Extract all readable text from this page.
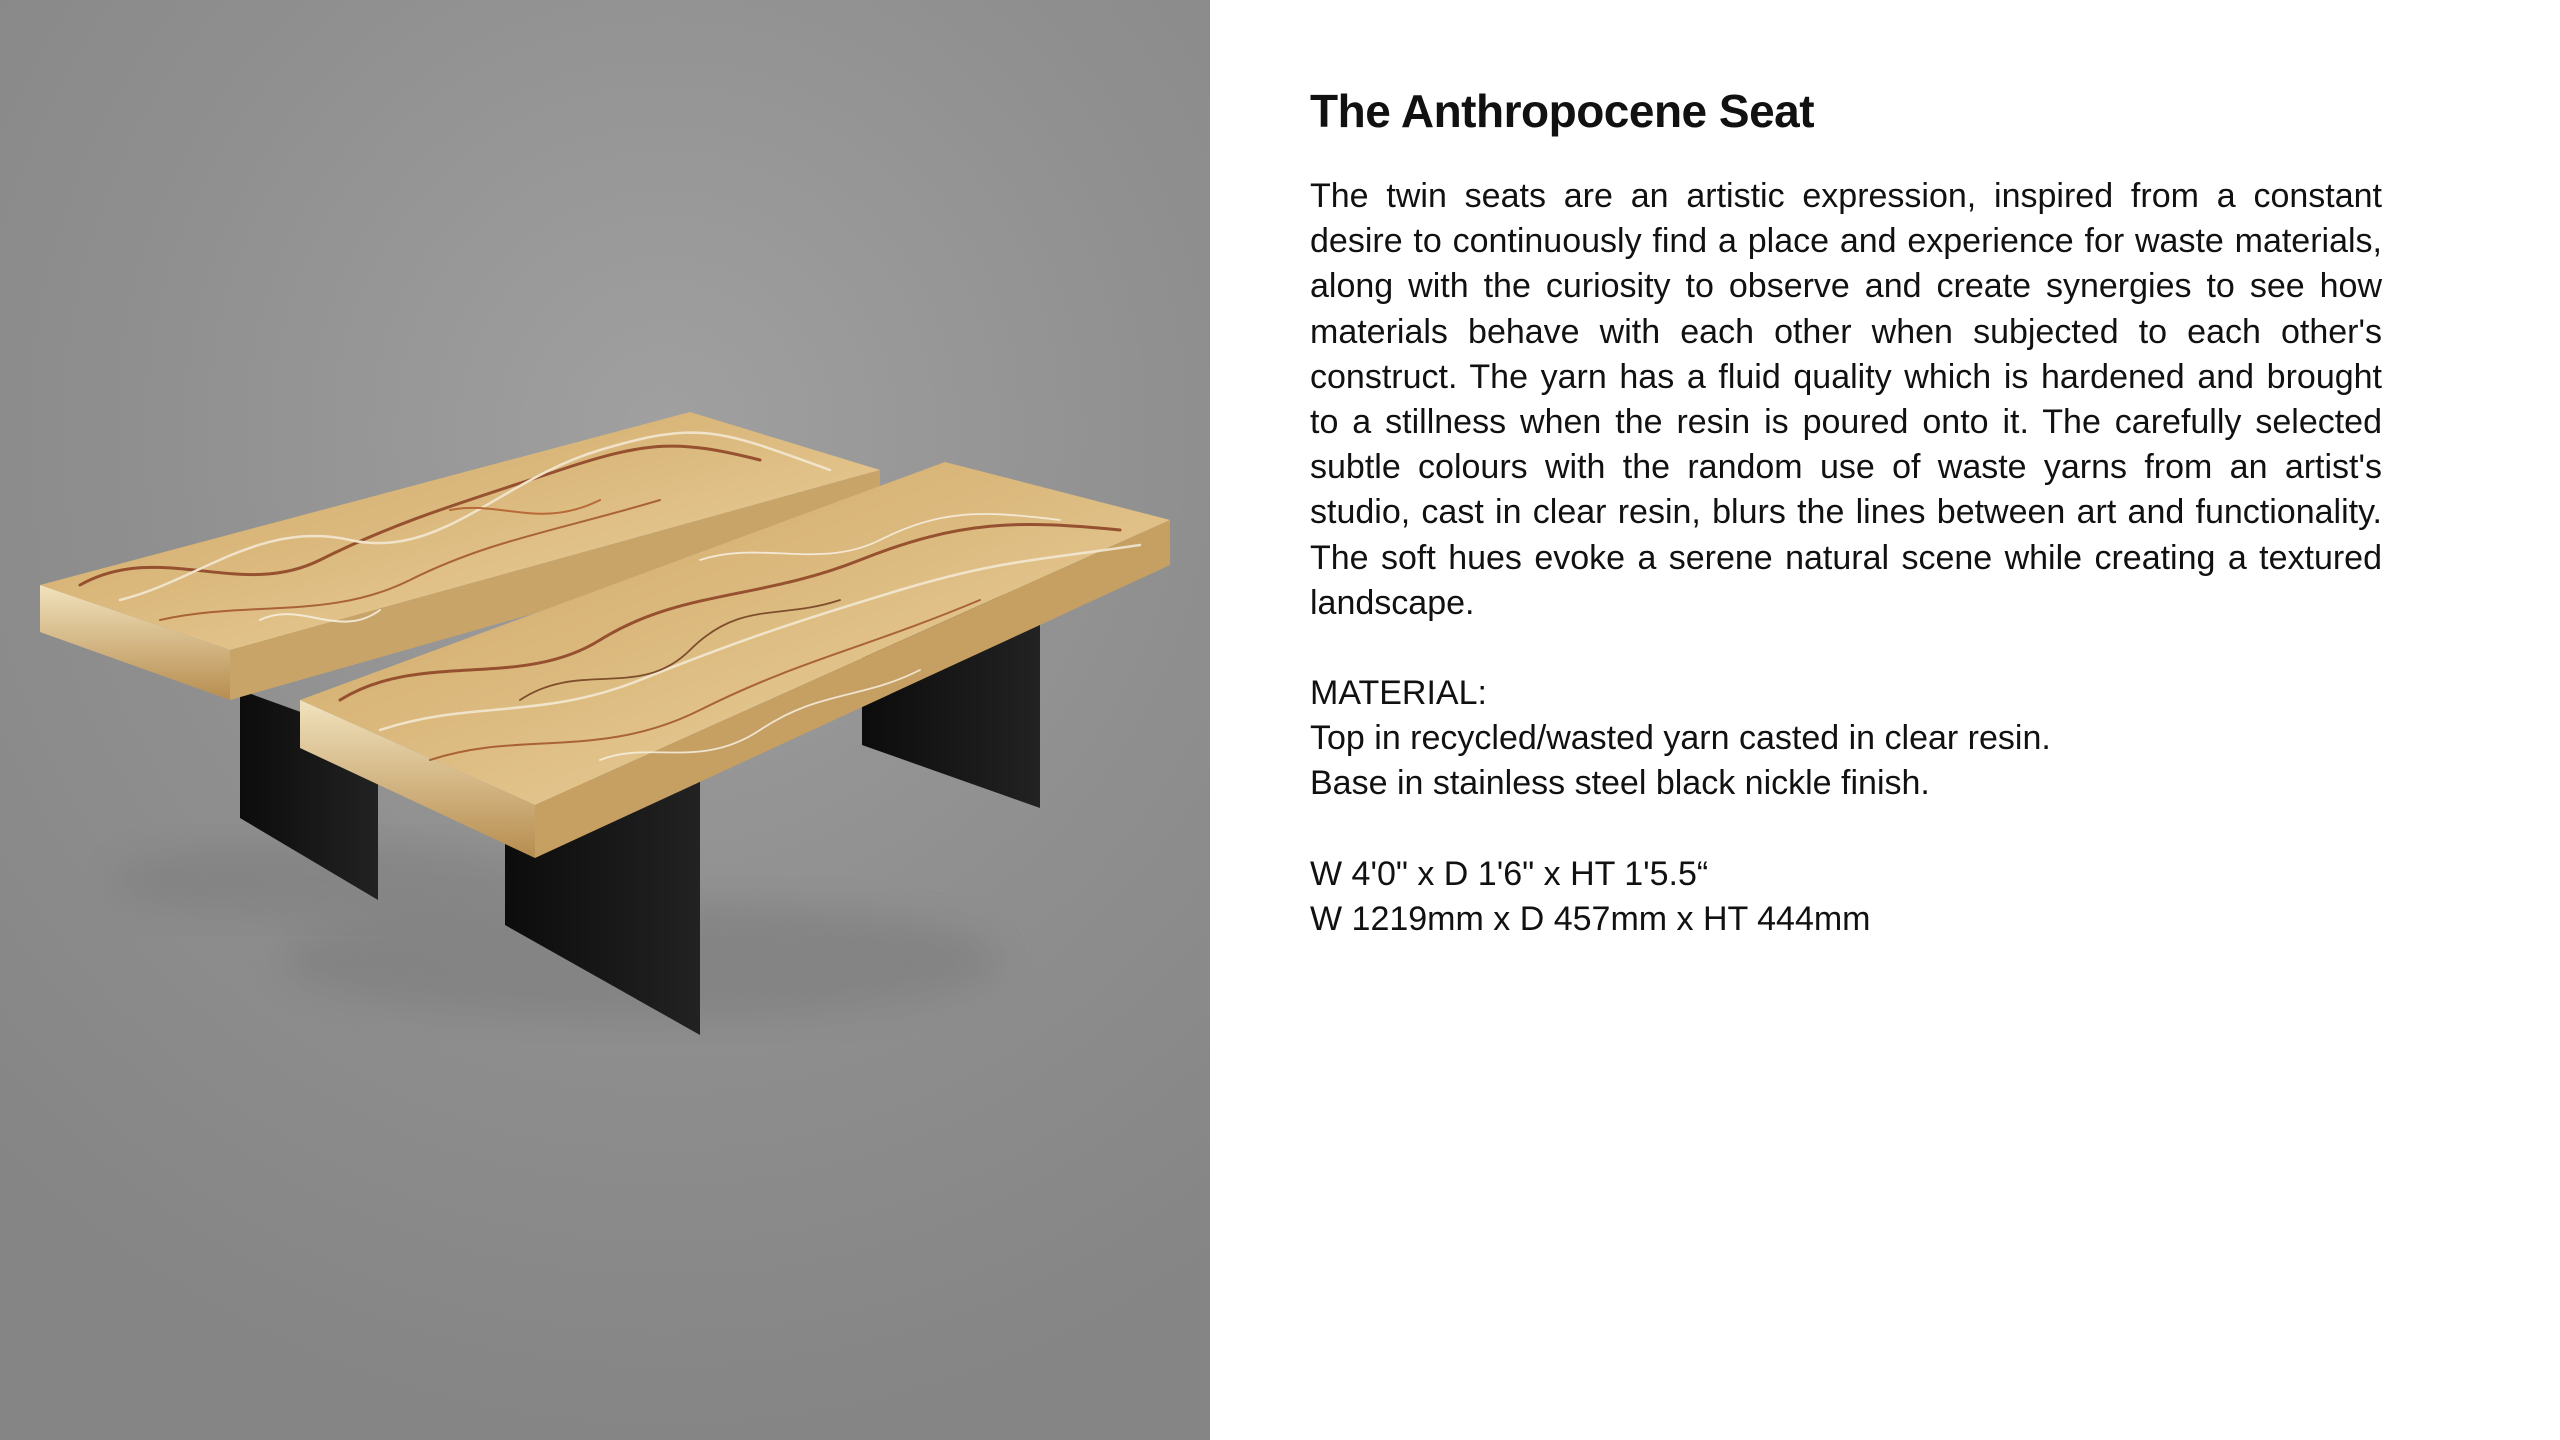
The Anthropocene Seat
The twin seats are an artistic expression, inspired from a constant desire to continuously find a place and experience for waste materials, along with the curiosity to observe and create synergies to see how materials behave with each other when subjected to each other's construct. The yarn has a fluid quality which is hardened and brought to a stillness when the resin is poured onto it. The carefully selected subtle colours with the random use of waste yarns from an artist's studio, cast in clear resin, blurs the lines between art and functionality. The soft hues evoke a serene natural scene while creating a textured landscape.
MATERIAL:
Top in recycled/wasted yarn casted in clear resin.
Base in stainless steel black nickle finish.
W 4'0" x D 1'6" x HT 1'5.5“
W 1219mm x D 457mm x HT 444mm
